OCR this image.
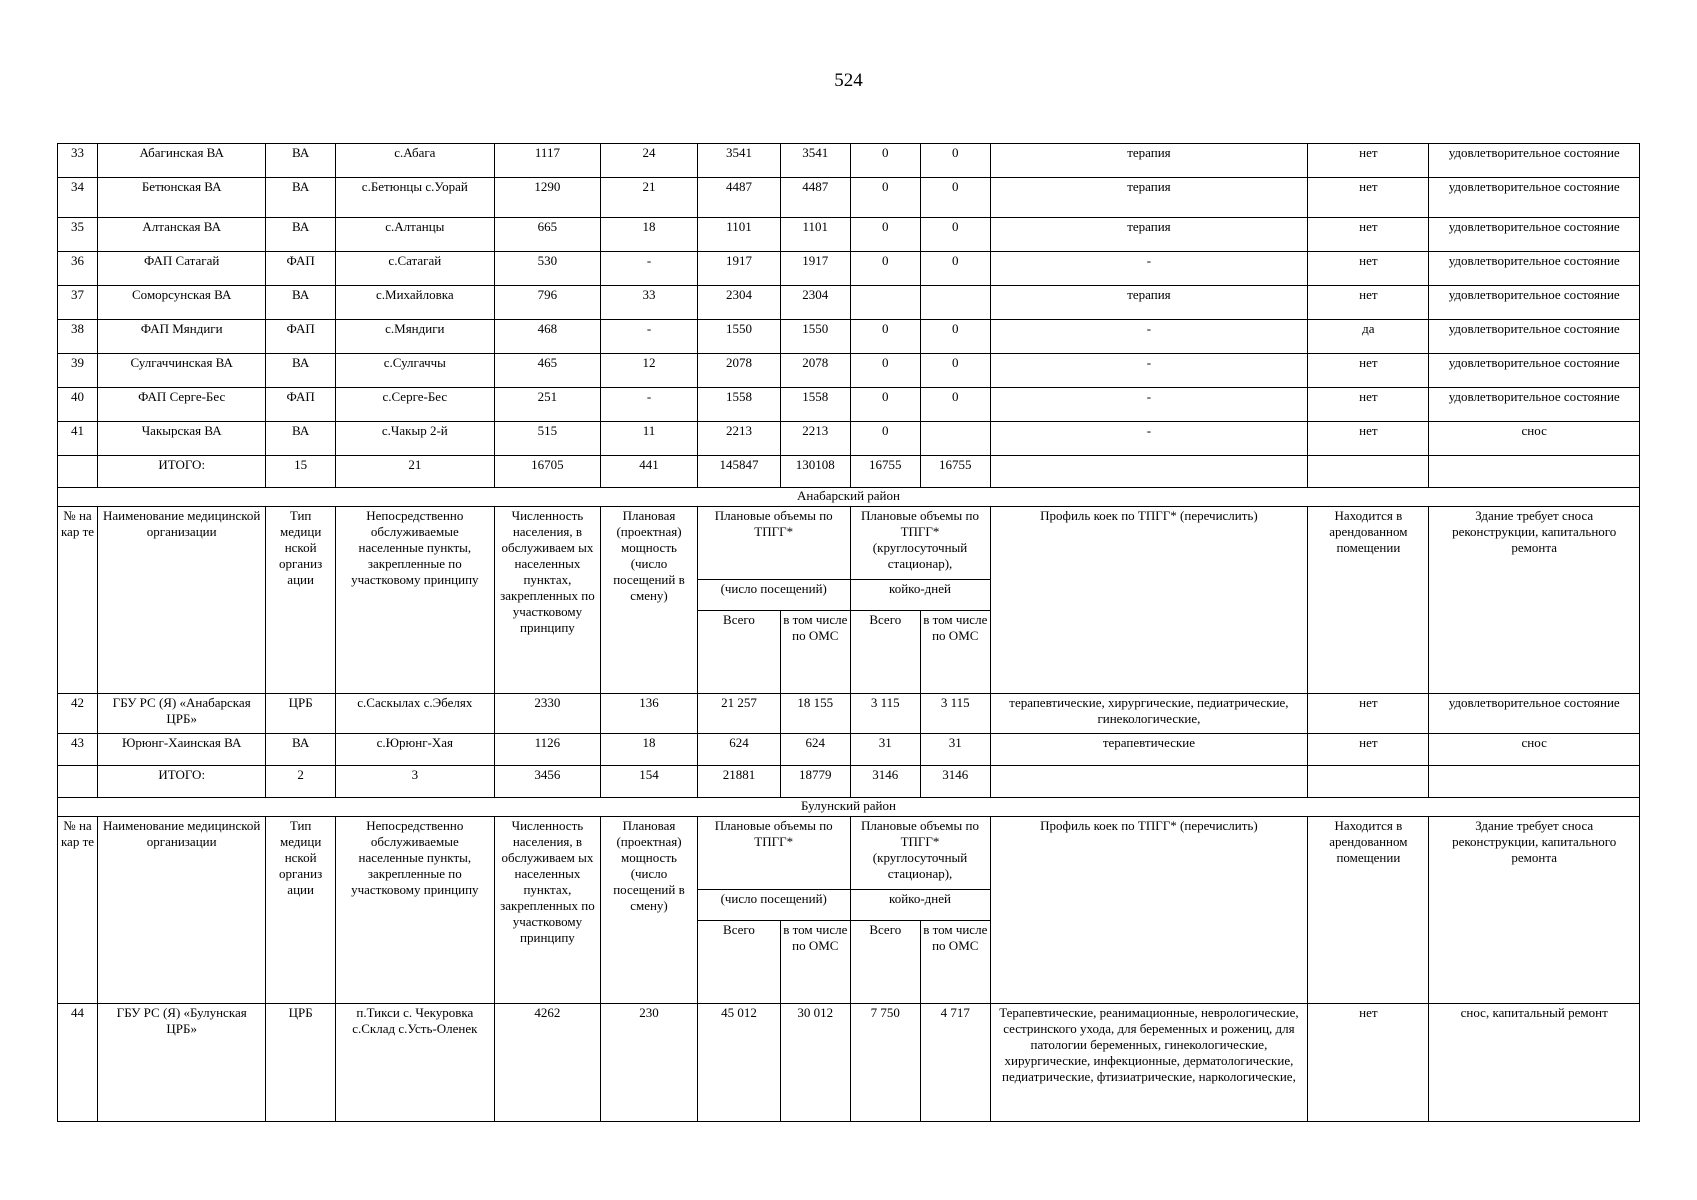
524
33	Абагинская ВА	ВА	с.Абага	1117	24	3541	3541	0	0	терапия	нет	удовлетворительное состояние
34	Бетюнская ВА	ВА	с.Бетюнцы с.Уорай	1290	21	4487	4487	0	0	терапия	нет	удовлетворительное состояние
35	Алтанская ВА	ВА	с.Алтанцы	665	18	1101	1101	0	0	терапия	нет	удовлетворительное состояние
36	ФАП Сатагай	ФАП	с.Сатагай	530	-	1917	1917	0	0	-	нет	удовлетворительное состояние
37	Соморсунская ВА	ВА	с.Михайловка	796	33	2304	2304			терапия	нет	удовлетворительное состояние
38	ФАП Мяндиги	ФАП	с.Мяндиги	468	-	1550	1550	0	0	-	да	удовлетворительное состояние
39	Сулгаччинская ВА	ВА	с.Сулгаччы	465	12	2078	2078	0	0	-	нет	удовлетворительное состояние
40	ФАП Серге-Бес	ФАП	с.Серге-Бес	251	-	1558	1558	0	0	-	нет	удовлетворительное состояние
41	Чакырская ВА	ВА	с.Чакыр 2-й	515	11	2213	2213	0		-	нет	снос
	ИТОГО:	15	21	16705	441	145847	130108	16755	16755			
Анабарский район												
№ на кар те	Наименование медицинской организации	Тип медици нской организ ации	Непосредственно обслуживаемые населенные пункты, закрепленные по участковому принципу	Численность населения, в обслуживаем ых населенных пунктах, закрепленных по участковому принципу	Плановая (проектная) мощность (число посещений в смену)	Плановые объемы по ТПГГ*		Плановые объемы по ТПГГ* (круглосуточный стационар),		Профиль коек по ТПГГ* (перечислить)	Находится в арендованном помещении	Здание требует сноса реконструкции, капитального ремонта
						(число посещений)		койко-дней				
						Всего	в том числе по ОМС	Всего	в том числе по ОМС			
42	ГБУ РС (Я) «Анабарская ЦРБ»	ЦРБ	с.Саскылах с.Эбелях	2330	136	21 257	18 155	3 115	3 115	терапевтические, хирургические, педиатрические, гинекологические,	нет	удовлетворительное состояние
43	Юрюнг-Хаинская ВА	ВА	с.Юрюнг-Хая	1126	18	624	624	31	31	терапевтические	нет	снос
	ИТОГО:	2	3	3456	154	21881	18779	3146	3146			
Булунский район												
№ на кар те	Наименование медицинской организации	Тип медици нской организ ации	Непосредственно обслуживаемые населенные пункты, закрепленные по участковому принципу	Численность населения, в обслуживаем ых населенных пунктах, закрепленных по участковому принципу	Плановая (проектная) мощность (число посещений в смену)	Плановые объемы по ТПГГ*		Плановые объемы по ТПГГ* (круглосуточный стационар),		Профиль коек по ТПГГ* (перечислить)	Находится в арендованном помещении	Здание требует сноса реконструкции, капитального ремонта
						(число посещений)		койко-дней				
						Всего	в том числе по ОМС	Всего	в том числе по ОМС			
44	ГБУ РС (Я) «Булунская ЦРБ»	ЦРБ	п.Тикси с. Чекуровка с.Склад с.Усть-Оленек	4262	230	45 012	30 012	7 750	4 717	Терапевтические, реанимационные, неврологические, сестринского ухода, для беременных и рожениц, для патологии беременных, гинекологические, хирургические, инфекционные, дерматологические, педиатрические, фтизиатрические, наркологические,	нет	снос, капитальный ремонт
